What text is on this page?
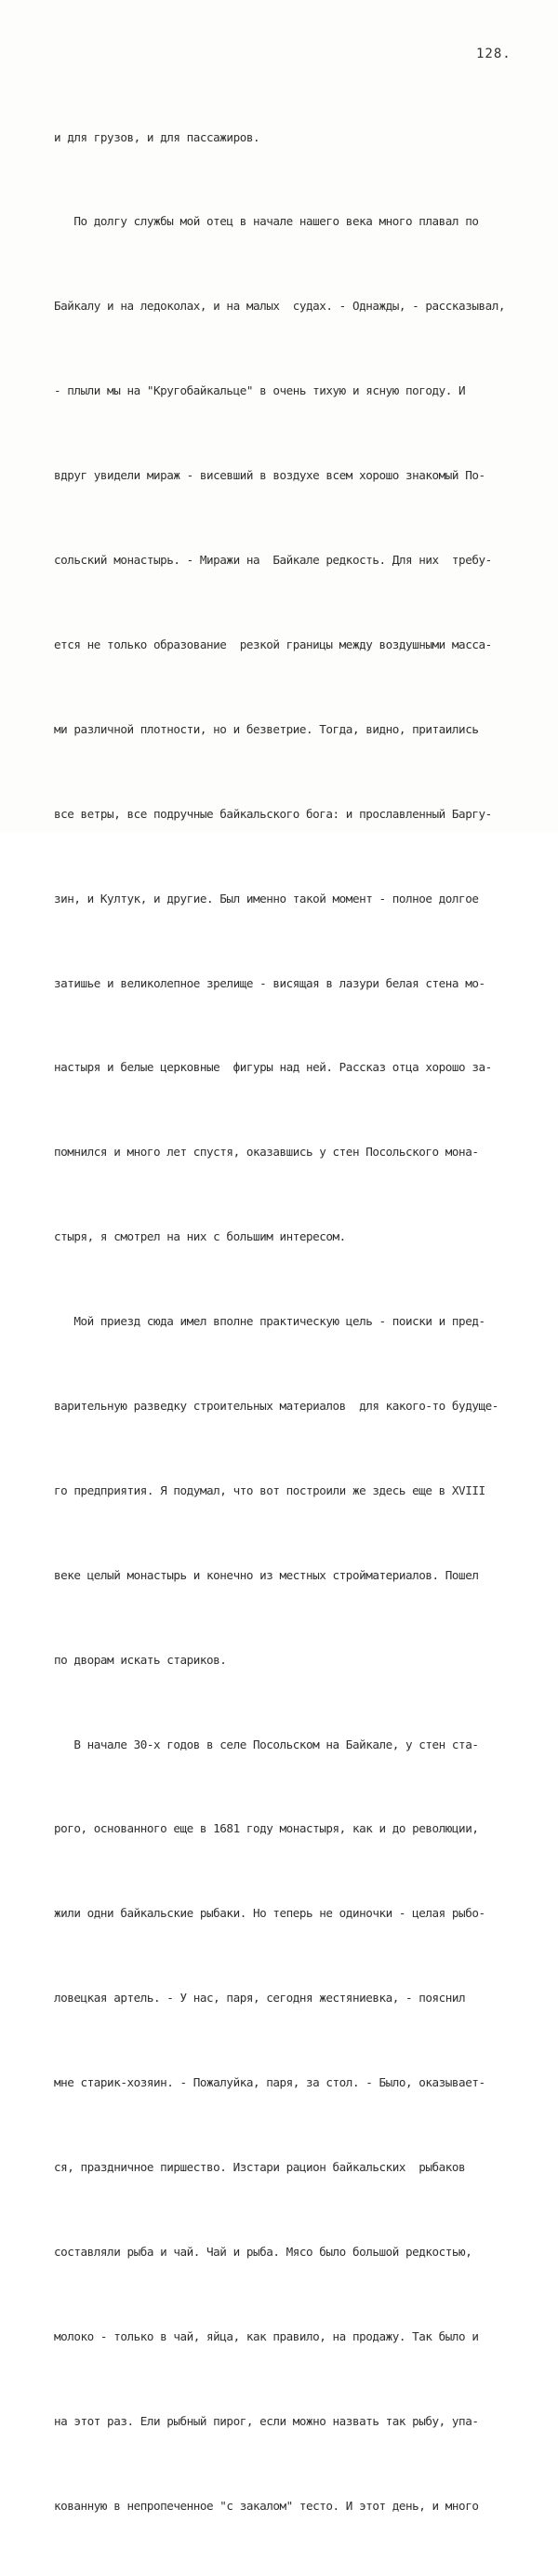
128.

и для грузов, и для пассажиров.

По долгу службы мой отец в начале нашего века много плавал по

Байкалу и на ледоколах, и на малых  судах. - Однажды, - рассказывал,

- плыли мы на "Кругобайкальце" в очень тихую и ясную погоду. И

вдруг увидели мираж - висевший в воздухе всем хорошо знакомый По-

сольский монастырь. - Миражи на  Байкале редкость. Для них  требу-

ется не только образование  резкой границы между воздушными масса-

ми различной плотности, но и безветрие. Тогда, видно, притаились

все ветры, все подручные байкальского бога: и прославленный Баргу-

зин, и Култук, и другие. Был именно такой момент - полное долгое

затишье и великолепное зрелище - висящая в лазури белая стена мо-

настыря и белые церковные  фигуры над ней. Рассказ отца хорошо за-

помнился и много лет спустя, оказавшись у стен Посольского мона-

стыря, я смотрел на них с большим интересом.

Мой приезд сюда имел вполне практическую цель - поиски и пред-

варительную разведку строительных материалов  для какого-то будуще-

го предприятия. Я подумал, что вот построили же здесь еще в XVIII

веке целый монастырь и конечно из местных стройматериалов. Пошел

по дворам искать стариков.

В начале 30-х годов в селе Посольском на Байкале, у стен ста-

рого, основанного еще в 1681 году монастыря, как и до революции,

жили одни байкальские рыбаки. Но теперь не одиночки - целая рыбо-

ловецкая артель. - У нас, паря, сегодня жестяниевка, - пояснил

мне старик-хозяин. - Пожалуйка, паря, за стол. - Было, оказывает-

ся, праздничное пиршество. Изстари рацион байкальских  рыбаков

составляли рыба и чай. Чай и рыба. Мясо было большой редкостью,

молоко - только в чай, яйца, как правило, на продажу. Так было и

на этот раз. Ели рыбный пирог, если можно назвать так рыбу, упа-

кованную в непропеченное "с закалом" тесто. И этот день, и много
